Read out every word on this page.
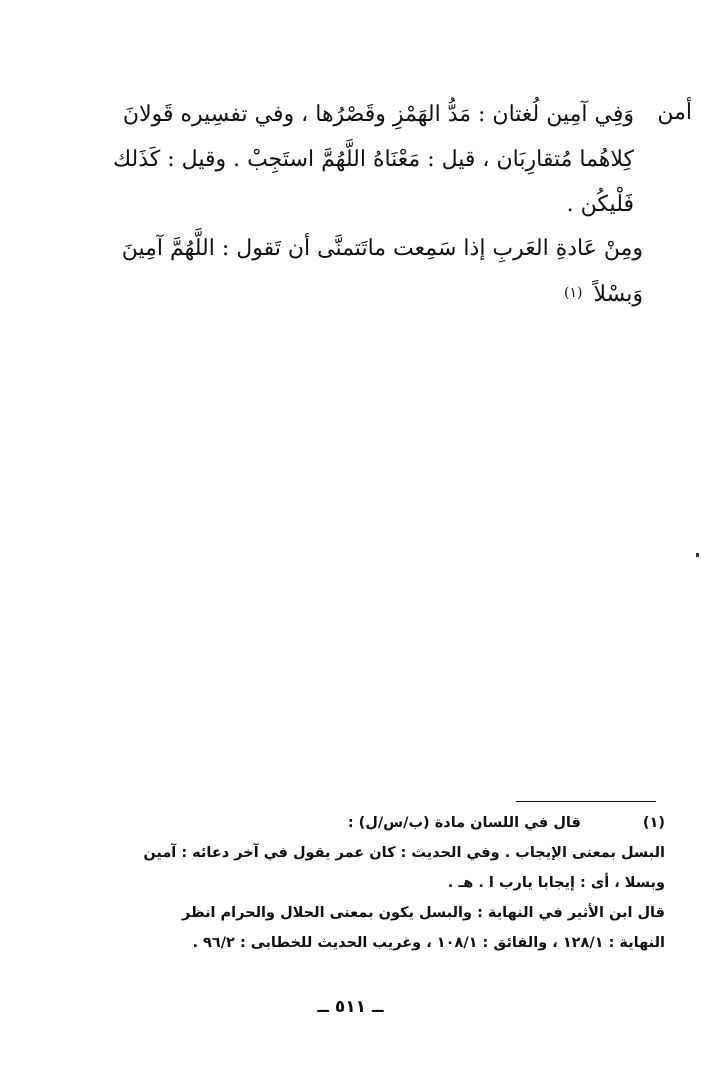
أمن
وَفِي آمِين لُغتان : مَدُّ الهَمْزِ وقَصْرُها ، وفي تفسِيره قَولانَ
كِلاهُما مُتقارِبَان ، قيل : مَعْنَاهُ اللَّهُمَّ استَجِبْ . وقيل : كَذَلك
فَلْيكُن .
ومِنْ عَادةِ العَربِ إذا سَمِعت ماتَتمنَّى أن تَقول : اللَّهُمَّ آمِينَ
وَبسْلاً (١)
(١)  قال في اللسان مادة (ب/س/ل) :
البسل بمعنى الإيجاب . وفي الحديث : كان عمر يقول في آخر دعائه : آمين
وبسلا ، أى : إيجابا يارب ا . هـ .
قال ابن الأثير في النهاية : والبسل يكون بمعنى الحلال والحرام انظر
النهاية : ١٢٨/١ ، والفائق : ١٠٨/١ ، وغريب الحديث للخطابى : ٩٦/٢ .
ــ ٥١١ ــ
